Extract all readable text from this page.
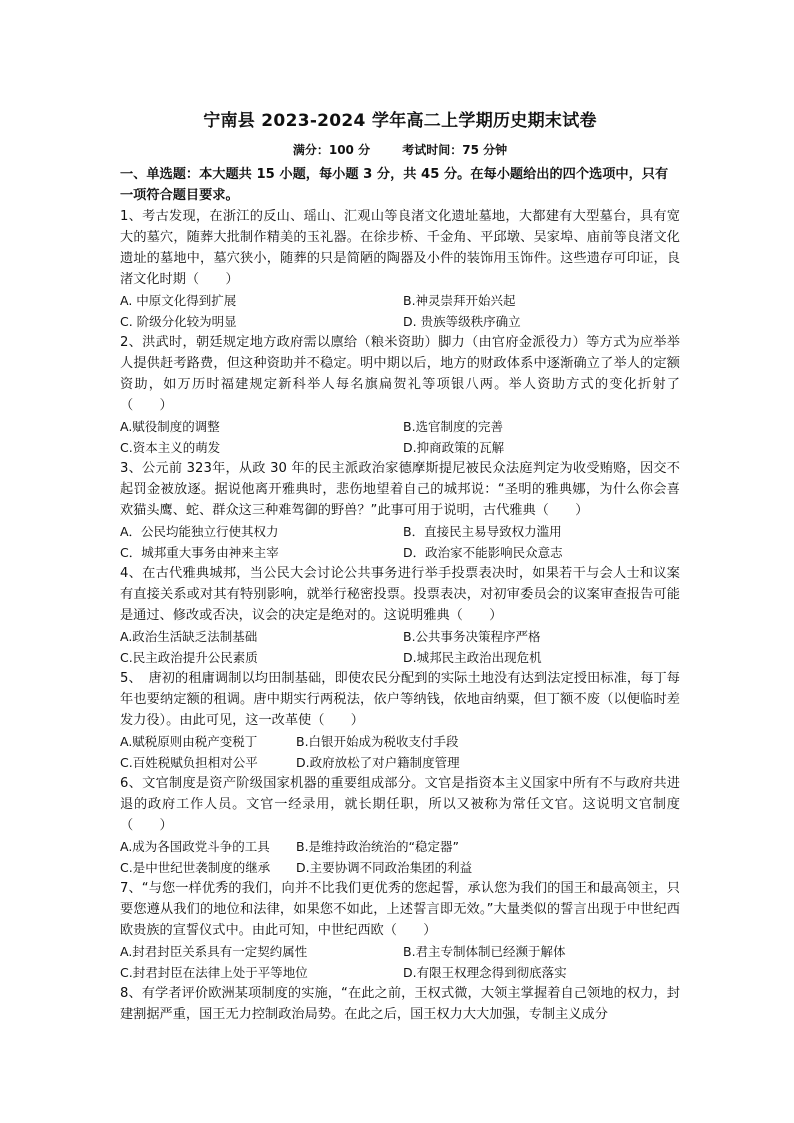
宁南县 2023-2024 学年高二上学期历史期末试卷
满分：100 分	考试时间：75 分钟

一、单选题：本大题共 15 小题，每小题 3 分，共 45 分。在每小题给出的四个选项中，只有一项符合题目要求。

1、考古发现，在浙江的反山、瑶山、汇观山等良渚文化遗址墓地，大都建有大型墓台，具有宽大的墓穴，随葬大批制作精美的玉礼器。在徐步桥、千金角、平邱墩、吴家埠、庙前等良渚文化遗址的墓地中，墓穴狭小，随葬的只是简陋的陶器及小件的装饰用玉饰件。这些遗存可印证，良渚文化时期（　　）

A. 中原文化得到扩展	B.神灵崇拜开始兴起
C. 阶级分化较为明显	D. 贵族等级秩序确立

2、洪武时，朝廷规定地方政府需以廪给（粮米资助）脚力（由官府金派役力）等方式为应举举人提供赶考路费，但这种资助并不稳定。明中期以后，地方的财政体系中逐渐确立了举人的定额资助，如万历时福建规定新科举人每名旗扁贺礼等项银八两。举人资助方式的变化折射了（　　）

A.赋役制度的调整	B.选官制度的完善
C.资本主义的萌发	D.抑商政策的瓦解

3、公元前 323年，从政 30 年的民主派政治家德摩斯提尼被民众法庭判定为收受贿赂，因交不起罚金被放逐。据说他离开雅典时，悲伤地望着自己的城邦说：“圣明的雅典娜，为什么你会喜欢猫头鹰、蛇、群众这三种难驾御的野兽？”此事可用于说明，古代雅典（　　）

A．公民均能独立行使其权力	B．直接民主易导致权力滥用
C．城邦重大事务由神来主宰	D．政治家不能影响民众意志

4、在古代雅典城邦，当公民大会讨论公共事务进行举手投票表决时，如果若干与会人士和议案有直接关系或对其有特别影响，就举行秘密投票。投票表决，对初审委员会的议案审查报告可能是通过、修改或否决，议会的决定是绝对的。这说明雅典（　　）

A.政治生活缺乏法制基础	B.公共事务决策程序严格
C.民主政治提升公民素质	D.城邦民主政治出现危机

5、　唐初的租庸调制以均田制基础，即使农民分配到的实际土地没有达到法定授田标准，每丁每年也要纳定额的租调。唐中期实行两税法，依户等纳钱，依地亩纳粟，但丁额不废（以便临时差发力役）。由此可见，这一改革使（　　）

A.赋税原则由税产变税丁	B.白银开始成为税收支付手段
C.百姓税赋负担相对公平	D.政府放松了对户籍制度管理

6、文官制度是资产阶级国家机器的重要组成部分。文官是指资本主义国家中所有不与政府共进退的政府工作人员。文官一经录用，就长期任职，所以又被称为常任文官。这说明文官制度（　　）

A.成为各国政党斗争的工具	B.是维持政治统治的“稳定器”
C.是中世纪世袭制度的继承	D.主要协调不同政治集团的利益

7、“与您一样优秀的我们，向并不比我们更优秀的您起誓，承认您为我们的国王和最高领主，只要您遵从我们的地位和法律，如果您不如此，上述誓言即无效。”大量类似的誓言出现于中世纪西欧贵族的宣誓仪式中。由此可知，中世纪西欧（　　）

A.封君封臣关系具有一定契约属性	B.君主专制体制已经濒于解体
C.封君封臣在法律上处于平等地位	D.有限王权理念得到彻底落实

8、有学者评价欧洲某项制度的实施，“在此之前，王权式微，大领主掌握着自己领地的权力，封建割据严重，国王无力控制政治局势。在此之后，国王权力大大加强，专制主义成分
